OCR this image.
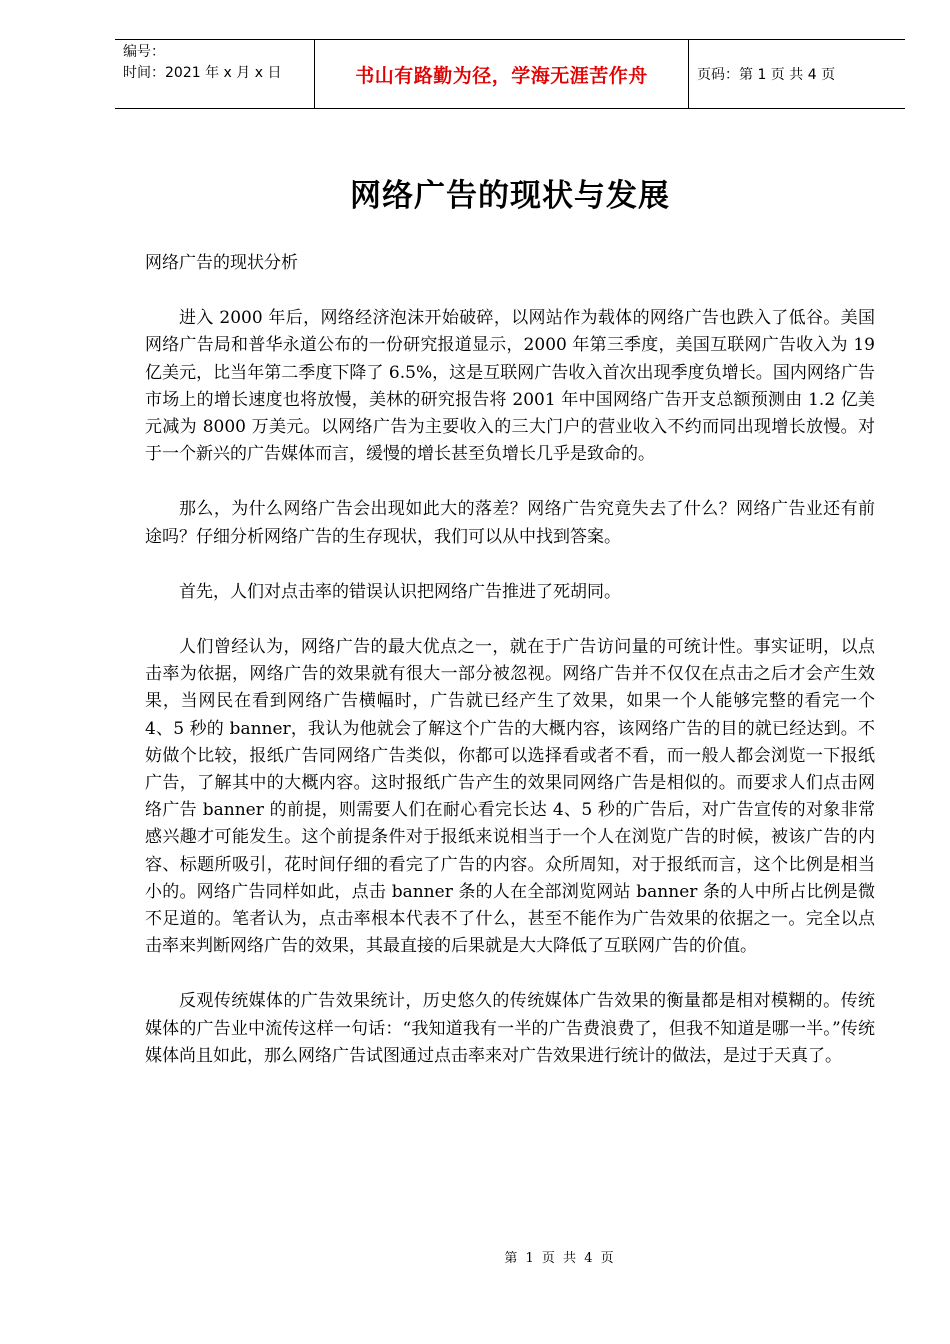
编号：
时间：2021 年 x 月 x 日	书山有路勤为径，学海无涯苦作舟	页码：第 1 页 共 4 页
网络广告的现状与发展

网络广告的现状分析

进入 2000 年后，网络经济泡沫开始破碎，以网站作为载体的网络广告也跌入了低谷。美国网络广告局和普华永道公布的一份研究报道显示，2000 年第三季度，美国互联网广告收入为 19 亿美元，比当年第二季度下降了 6.5%，这是互联网广告收入首次出现季度负增长。国内网络广告市场上的增长速度也将放慢，美林的研究报告将 2001 年中国网络广告开支总额预测由 1.2 亿美元减为 8000 万美元。以网络广告为主要收入的三大门户的营业收入不约而同出现增长放慢。对于一个新兴的广告媒体而言，缓慢的增长甚至负增长几乎是致命的。

那么，为什么网络广告会出现如此大的落差？网络广告究竟失去了什么？网络广告业还有前途吗？仔细分析网络广告的生存现状，我们可以从中找到答案。

首先，人们对点击率的错误认识把网络广告推进了死胡同。

人们曾经认为，网络广告的最大优点之一，就在于广告访问量的可统计性。事实证明，以点击率为依据，网络广告的效果就有很大一部分被忽视。网络广告并不仅仅在点击之后才会产生效果，当网民在看到网络广告横幅时，广告就已经产生了效果，如果一个人能够完整的看完一个 4、5 秒的 banner，我认为他就会了解这个广告的大概内容，该网络广告的目的就已经达到。不妨做个比较，报纸广告同网络广告类似，你都可以选择看或者不看，而一般人都会浏览一下报纸广告，了解其中的大概内容。这时报纸广告产生的效果同网络广告是相似的。而要求人们点击网络广告 banner 的前提，则需要人们在耐心看完长达 4、5 秒的广告后，对广告宣传的对象非常感兴趣才可能发生。这个前提条件对于报纸来说相当于一个人在浏览广告的时候，被该广告的内容、标题所吸引，花时间仔细的看完了广告的内容。众所周知，对于报纸而言，这个比例是相当小的。网络广告同样如此，点击 banner 条的人在全部浏览网站 banner 条的人中所占比例是微不足道的。笔者认为，点击率根本代表不了什么，甚至不能作为广告效果的依据之一。完全以点击率来判断网络广告的效果，其最直接的后果就是大大降低了互联网广告的价值。

反观传统媒体的广告效果统计，历史悠久的传统媒体广告效果的衡量都是相对模糊的。传统媒体的广告业中流传这样一句话：“我知道我有一半的广告费浪费了，但我不知道是哪一半。”传统媒体尚且如此，那么网络广告试图通过点击率来对广告效果进行统计的做法，是过于天真了。

第 1 页 共 4 页
